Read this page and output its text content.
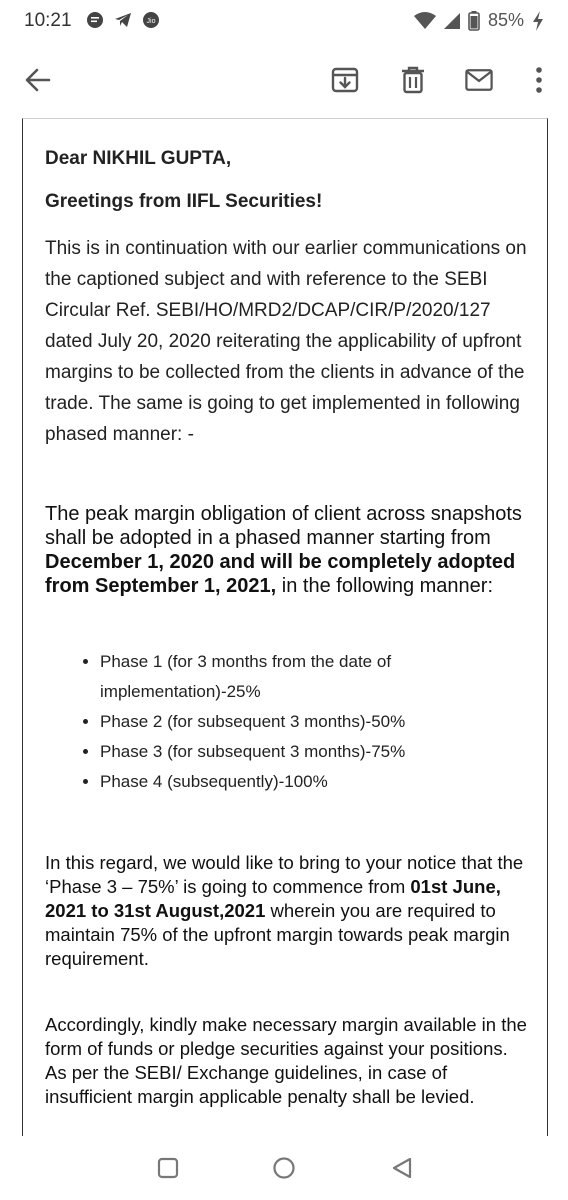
10:21	Jio	85%

Dear NIKHIL GUPTA,

Greetings from IIFL Securities!

This is in continuation with our earlier communications on the captioned subject and with reference to the SEBI Circular Ref. SEBI/HO/MRD2/DCAP/CIR/P/2020/127 dated July 20, 2020 reiterating the applicability of upfront margins to be collected from the clients in advance of the trade. The same is going to get implemented in following phased manner: -

The peak margin obligation of client across snapshots shall be adopted in a phased manner starting from December 1, 2020 and will be completely adopted from September 1, 2021, in the following manner:

• Phase 1 (for 3 months from the date of implementation)-25%
• Phase 2 (for subsequent 3 months)-50%
• Phase 3 (for subsequent 3 months)-75%
• Phase 4 (subsequently)-100%

In this regard, we would like to bring to your notice that the ‘Phase 3 – 75%’ is going to commence from 01st June, 2021 to 31st August,2021 wherein you are required to maintain 75% of the upfront margin towards peak margin requirement.

Accordingly, kindly make necessary margin available in the form of funds or pledge securities against your positions. As per the SEBI/ Exchange guidelines, in case of insufficient margin applicable penalty shall be levied.
